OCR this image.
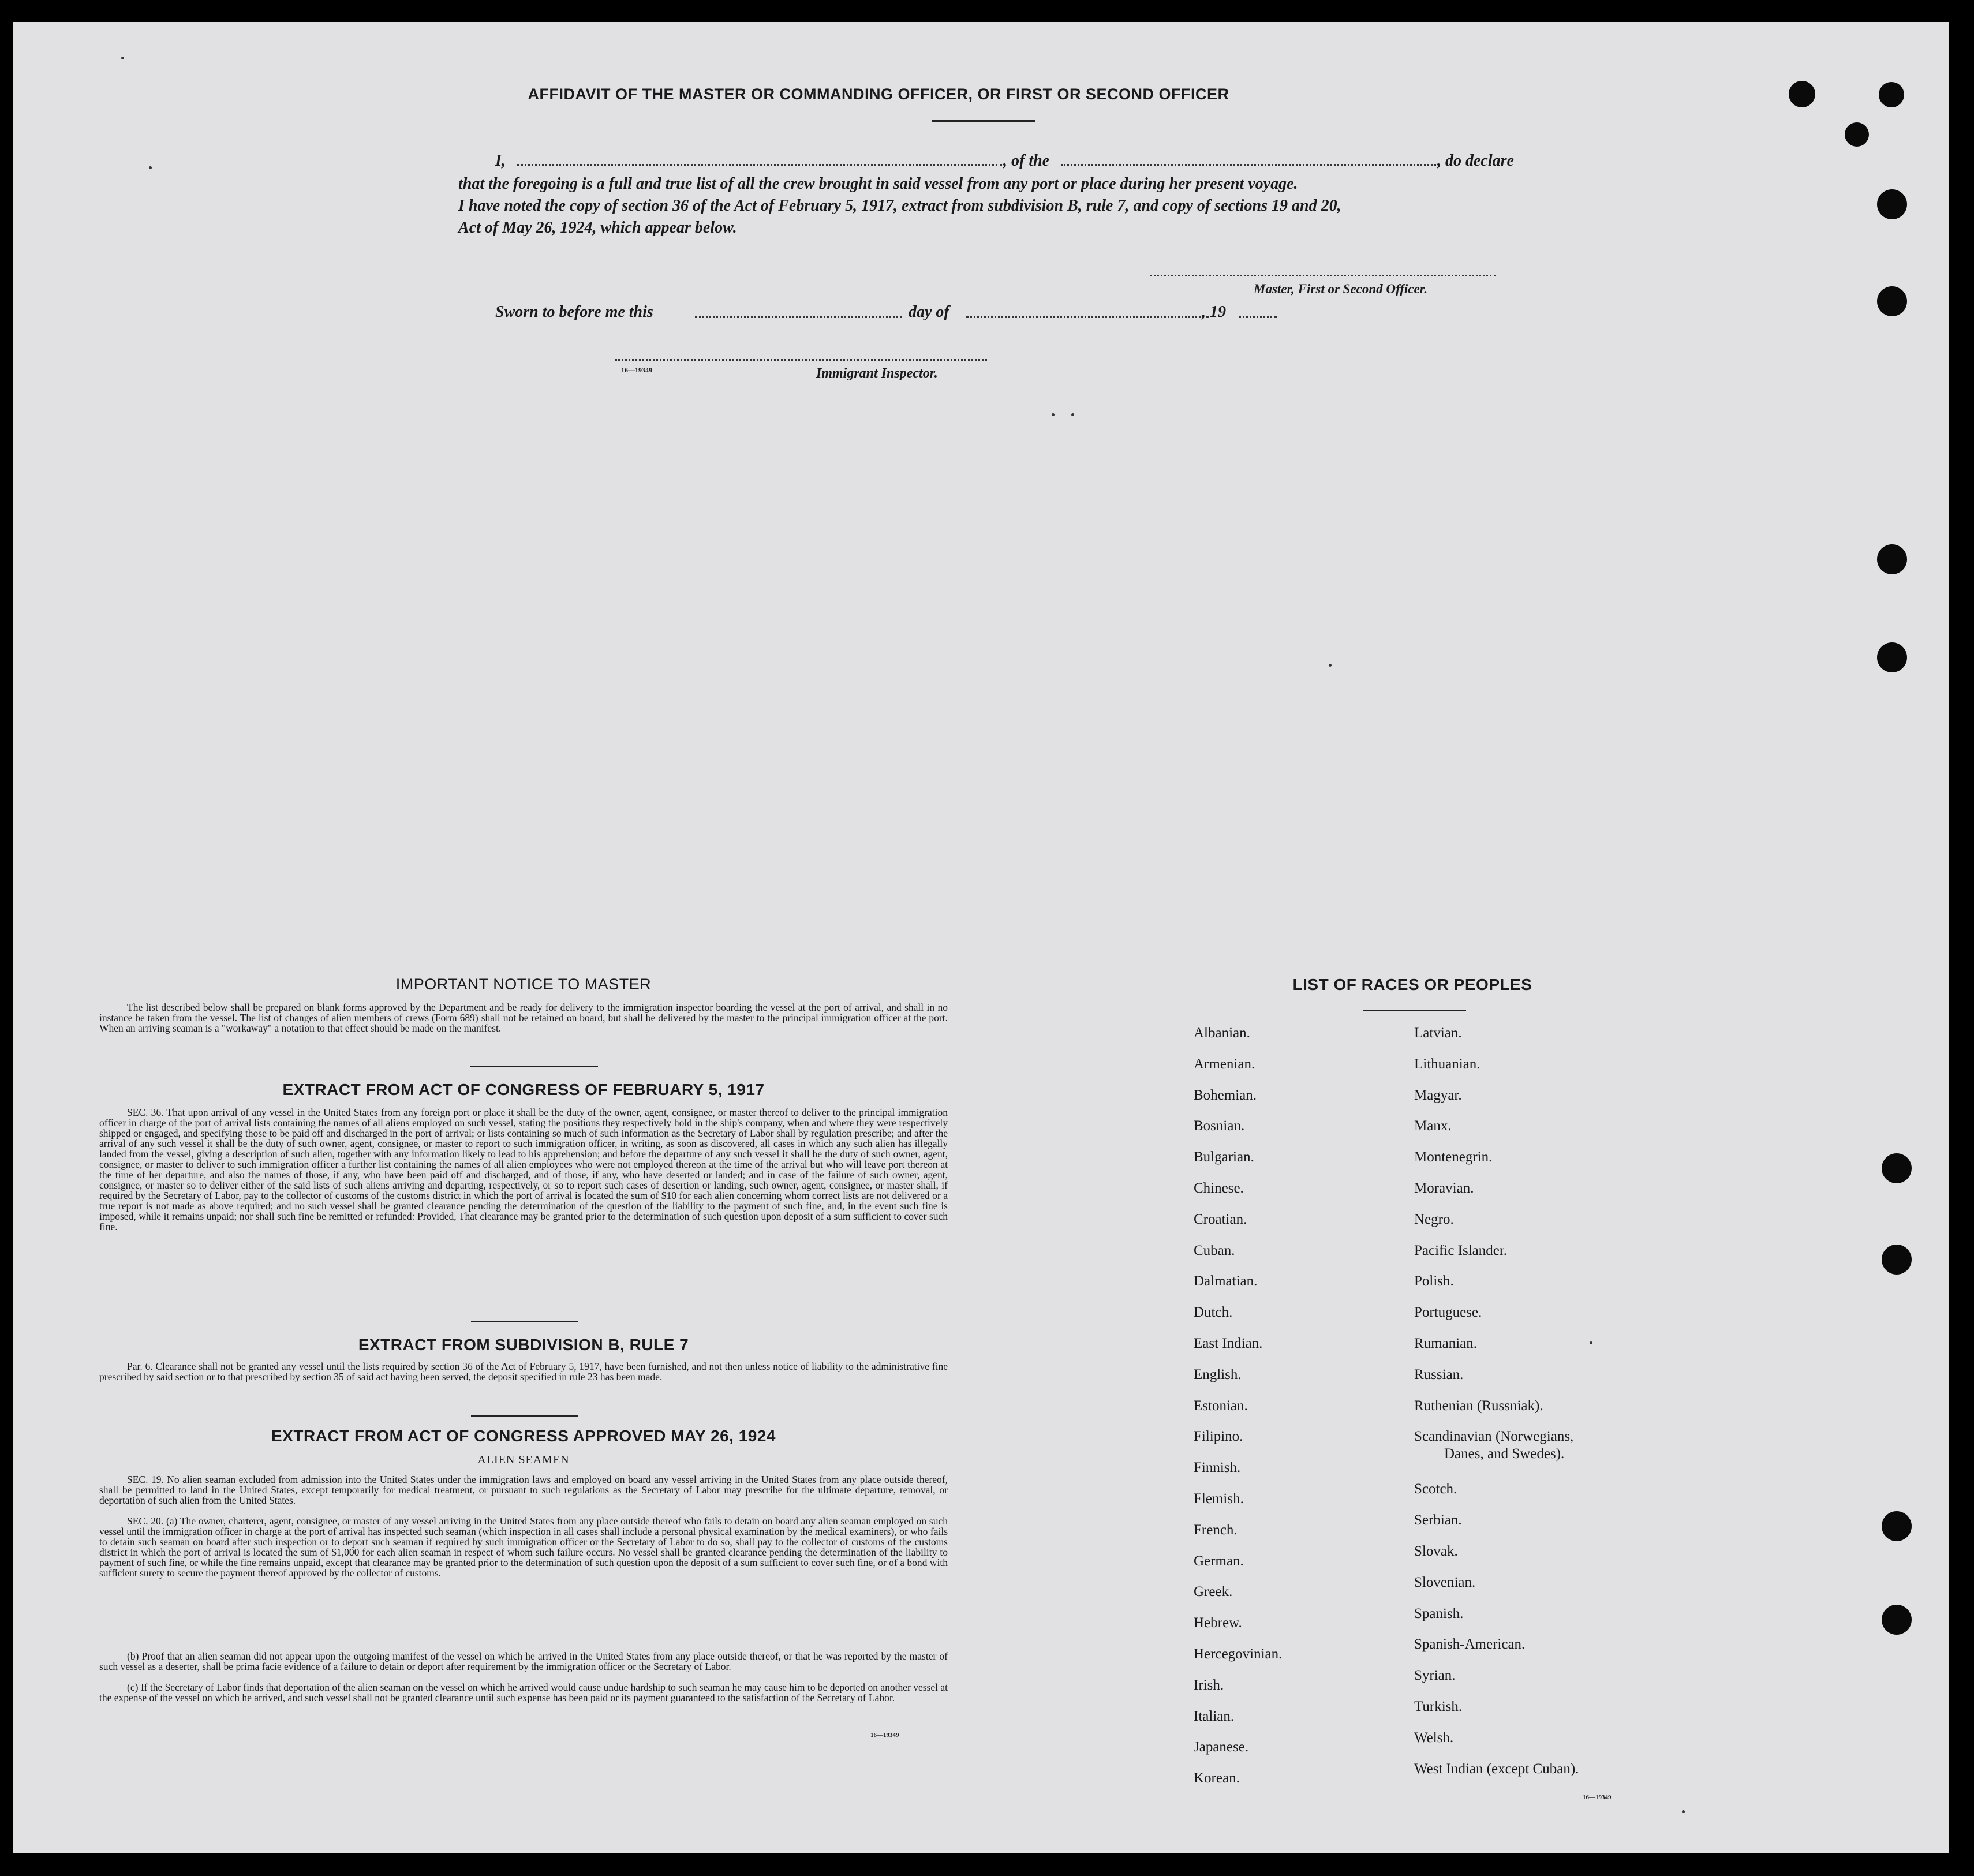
AFFIDAVIT OF THE MASTER OR COMMANDING OFFICER, OR FIRST OR SECOND OFFICER
I,	, of the	, do declare
that the foregoing is a full and true list of all the crew brought in said vessel from any port or place during her present voyage.
I have noted the copy of section 36 of the Act of February 5, 1917, extract from subdivision B, rule 7, and copy of sections 19 and 20,
Act of May 26, 1924, which appear below.
Master, First or Second Officer.
Sworn to before me this	day of	, 19
16—19349	Immigrant Inspector.
IMPORTANT NOTICE TO MASTER
The list described below shall be prepared on blank forms approved by the Department and be ready for delivery to the immigration inspector boarding the vessel at the port of arrival, and shall in no instance be taken from the vessel. The list of changes of alien members of crews (Form 689) shall not be retained on board, but shall be delivered by the master to the principal immigration officer at the port. When an arriving seaman is a "workaway" a notation to that effect should be made on the manifest.
EXTRACT FROM ACT OF CONGRESS OF FEBRUARY 5, 1917
SEC. 36. That upon arrival of any vessel in the United States from any foreign port or place it shall be the duty of the owner, agent, consignee, or master thereof to deliver to the principal immigration officer in charge of the port of arrival lists containing the names of all aliens employed on such vessel, stating the positions they respectively hold in the ship's company, when and where they were respectively shipped or engaged, and specifying those to be paid off and discharged in the port of arrival; or lists containing so much of such information as the Secretary of Labor shall by regulation prescribe; and after the arrival of any such vessel it shall be the duty of such owner, agent, consignee, or master to report to such immigration officer, in writing, as soon as discovered, all cases in which any such alien has illegally landed from the vessel, giving a description of such alien, together with any information likely to lead to his apprehension; and before the departure of any such vessel it shall be the duty of such owner, agent, consignee, or master to deliver to such immigration officer a further list containing the names of all alien employees who were not employed thereon at the time of the arrival but who will leave port thereon at the time of her departure, and also the names of those, if any, who have been paid off and discharged, and of those, if any, who have deserted or landed; and in case of the failure of such owner, agent, consignee, or master so to deliver either of the said lists of such aliens arriving and departing, respectively, or so to report such cases of desertion or landing, such owner, agent, consignee, or master shall, if required by the Secretary of Labor, pay to the collector of customs of the customs district in which the port of arrival is located the sum of $10 for each alien concerning whom correct lists are not delivered or a true report is not made as above required; and no such vessel shall be granted clearance pending the determination of the question of the liability to the payment of such fine, and, in the event such fine is imposed, while it remains unpaid; nor shall such fine be remitted or refunded: Provided, That clearance may be granted prior to the determination of such question upon deposit of a sum sufficient to cover such fine.
EXTRACT FROM SUBDIVISION B, RULE 7
Par. 6. Clearance shall not be granted any vessel until the lists required by section 36 of the Act of February 5, 1917, have been furnished, and not then unless notice of liability to the administrative fine prescribed by said section or to that prescribed by section 35 of said act having been served, the deposit specified in rule 23 has been made.
EXTRACT FROM ACT OF CONGRESS APPROVED MAY 26, 1924
ALIEN SEAMEN
SEC. 19. No alien seaman excluded from admission into the United States under the immigration laws and employed on board any vessel arriving in the United States from any place outside thereof, shall be permitted to land in the United States, except temporarily for medical treatment, or pursuant to such regulations as the Secretary of Labor may prescribe for the ultimate departure, removal, or deportation of such alien from the United States.
SEC. 20. (a) The owner, charterer, agent, consignee, or master of any vessel arriving in the United States from any place outside thereof who fails to detain on board any alien seaman employed on such vessel until the immigration officer in charge at the port of arrival has inspected such seaman (which inspection in all cases shall include a personal physical examination by the medical examiners), or who fails to detain such seaman on board after such inspection or to deport such seaman if required by such immigration officer or the Secretary of Labor to do so, shall pay to the collector of customs of the customs district in which the port of arrival is located the sum of $1,000 for each alien seaman in respect of whom such failure occurs. No vessel shall be granted clearance pending the determination of the liability to payment of such fine, or while the fine remains unpaid, except that clearance may be granted prior to the determination of such question upon the deposit of a sum sufficient to cover such fine, or of a bond with sufficient surety to secure the payment thereof approved by the collector of customs.
(b) Proof that an alien seaman did not appear upon the outgoing manifest of the vessel on which he arrived in the United States from any place outside thereof, or that he was reported by the master of such vessel as a deserter, shall be prima facie evidence of a failure to detain or deport after requirement by the immigration officer or the Secretary of Labor.
(c) If the Secretary of Labor finds that deportation of the alien seaman on the vessel on which he arrived would cause undue hardship to such seaman he may cause him to be deported on another vessel at the expense of the vessel on which he arrived, and such vessel shall not be granted clearance until such expense has been paid or its payment guaranteed to the satisfaction of the Secretary of Labor.
16—19349
LIST OF RACES OR PEOPLES
Albanian.
Armenian.
Bohemian.
Bosnian.
Bulgarian.
Chinese.
Croatian.
Cuban.
Dalmatian.
Dutch.
East Indian.
English.
Estonian.
Filipino.
Finnish.
Flemish.
French.
German.
Greek.
Hebrew.
Hercegovinian.
Irish.
Italian.
Japanese.
Korean.
Latvian.
Lithuanian.
Magyar.
Manx.
Montenegrin.
Moravian.
Negro.
Pacific Islander.
Polish.
Portuguese.
Rumanian.
Russian.
Ruthenian (Russniak).
Scandinavian (Norwegians,
Danes, and Swedes).
Scotch.
Serbian.
Slovak.
Slovenian.
Spanish.
Spanish-American.
Syrian.
Turkish.
Welsh.
West Indian (except Cuban).
16—19349
